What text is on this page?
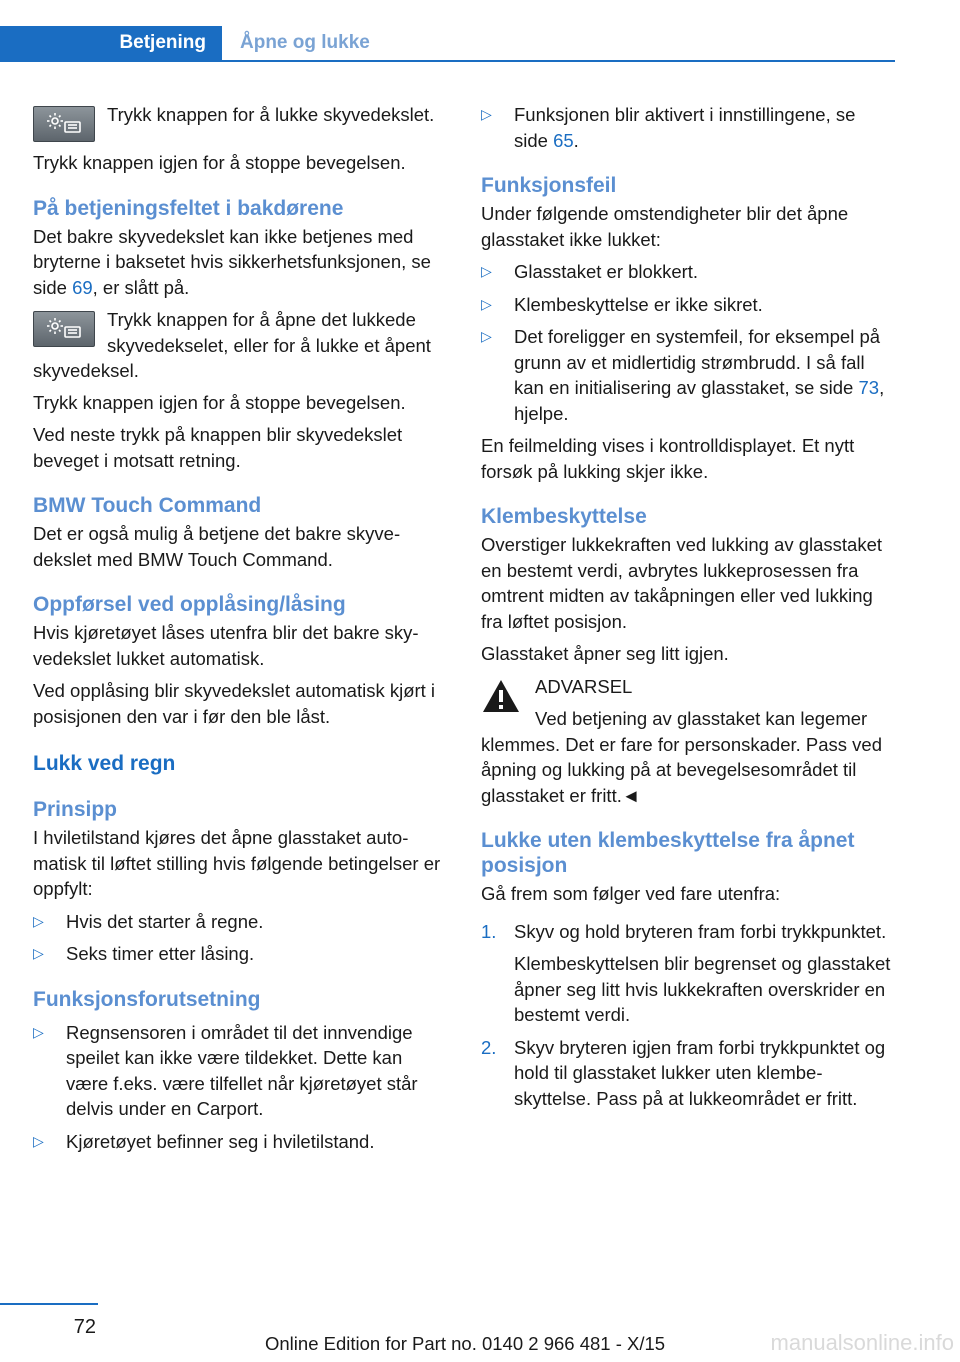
Betjening	Åpne og lukke
Trykk knappen for å lukke skyvedekslet.

Trykk knappen igjen for å stoppe bevegelsen.

På betjeningsfeltet i bakdørene

Det bakre skyvedekslet kan ikke betjenes med bryterne i baksetet hvis sikkerhetsfunksjonen, se side 69, er slått på.

Trykk knappen for å åpne det lukkede skyvedekselet, eller for å lukke et åpent skyvedeksel.

Trykk knappen igjen for å stoppe bevegelsen.

Ved neste trykk på knappen blir skyvedekslet beveget i motsatt retning.

BMW Touch Command

Det er også mulig å betjene det bakre skyvedekslet med BMW Touch Command.

Oppførsel ved opplåsing/låsing

Hvis kjøretøyet låses utenfra blir det bakre skyvedekslet lukket automatisk.

Ved opplåsing blir skyvedekslet automatisk kjørt i posisjonen den var i før den ble låst.

Lukk ved regn
Prinsipp

I hviletilstand kjøres det åpne glasstaket automatisk til løftet stilling hvis følgende betingelser er oppfylt:

▷ Hvis det starter å regne.
▷ Seks timer etter låsing.
Funksjonsforutsetning
▷ Regnsensoren i området til det innvendige speilet kan ikke være tildekket. Dette kan være f.eks. være tilfellet når kjøretøyet står delvis under en Carport.
▷ Kjøretøyet befinner seg i hviletilstand.
▷ Funksjonen blir aktivert i innstillingene, se side 65.
Funksjonsfeil

Under følgende omstendigheter blir det åpne glasstaket ikke lukket:

▷ Glasstaket er blokkert.
▷ Klembeskyttelse er ikke sikret.
▷ Det foreligger en systemfeil, for eksempel på grunn av et midlertidig strømbrudd. I så fall kan en initialisering av glasstaket, se side 73, hjelpe.

En feilmelding vises i kontrolldisplayet. Et nytt forsøk på lukking skjer ikke.

Klembeskyttelse

Overstiger lukkekraften ved lukking av glasstaket en bestemt verdi, avbrytes lukkeprosessen fra omtrent midten av takåpningen eller ved lukking fra løftet posisjon.

Glasstaket åpner seg litt igjen.

ADVARSEL
Ved betjening av glasstaket kan legemer klemmes. Det er fare for personskader. Pass ved åpning og lukking på at bevegelsesområdet til glasstaket er fritt.◄
Lukke uten klembeskyttelse fra åpnet posisjon

Gå frem som følger ved fare utenfra:

1. Skyv og hold bryteren fram forbi trykkpunktet.
Klembeskyttelsen blir begrenset og glasstaket åpner seg litt hvis lukkekraften overskrider en bestemt verdi.
2. Skyv bryteren igjen fram forbi trykkpunktet og hold til glasstaket lukker uten klembeskyttelse. Pass på at lukkeområdet er fritt.
72
Online Edition for Part no. 0140 2 966 481 - X/15	manualsonline.info
